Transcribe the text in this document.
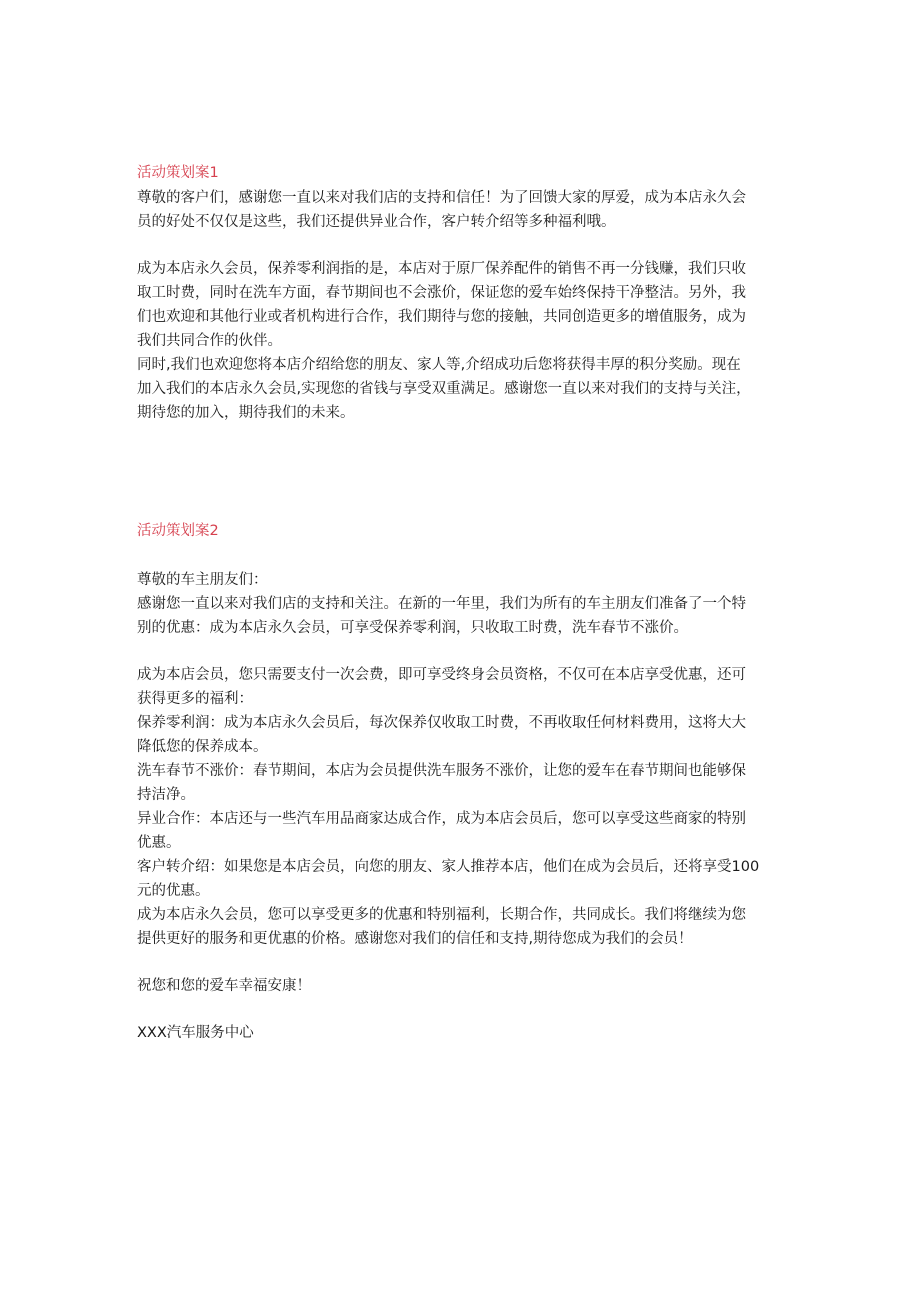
活动策划案1
尊敬的客户们，感谢您一直以来对我们店的支持和信任！为了回馈大家的厚爱，成为本店永久会
员的好处不仅仅是这些，我们还提供异业合作，客户转介绍等多种福利哦。
成为本店永久会员，保养零利润指的是，本店对于原厂保养配件的销售不再一分钱赚，我们只收
取工时费，同时在洗车方面，春节期间也不会涨价，保证您的爱车始终保持干净整洁。另外，我
们也欢迎和其他行业或者机构进行合作，我们期待与您的接触，共同创造更多的增值服务，成为
我们共同合作的伙伴。
同时,我们也欢迎您将本店介绍给您的朋友、家人等,介绍成功后您将获得丰厚的积分奖励。现在
加入我们的本店永久会员,实现您的省钱与享受双重满足。感谢您一直以来对我们的支持与关注，
期待您的加入，期待我们的未来。
活动策划案2
尊敬的车主朋友们：
感谢您一直以来对我们店的支持和关注。在新的一年里，我们为所有的车主朋友们准备了一个特
别的优惠：成为本店永久会员，可享受保养零利润，只收取工时费，洗车春节不涨价。
成为本店会员，您只需要支付一次会费，即可享受终身会员资格，不仅可在本店享受优惠，还可
获得更多的福利：
保养零利润：成为本店永久会员后，每次保养仅收取工时费，不再收取任何材料费用，这将大大
降低您的保养成本。
洗车春节不涨价：春节期间，本店为会员提供洗车服务不涨价，让您的爱车在春节期间也能够保
持洁净。
异业合作：本店还与一些汽车用品商家达成合作，成为本店会员后，您可以享受这些商家的特别
优惠。
客户转介绍：如果您是本店会员，向您的朋友、家人推荐本店，他们在成为会员后，还将享受100
元的优惠。
成为本店永久会员，您可以享受更多的优惠和特别福利，长期合作，共同成长。我们将继续为您
提供更好的服务和更优惠的价格。感谢您对我们的信任和支持,期待您成为我们的会员！
祝您和您的爱车幸福安康！
XXX汽车服务中心
